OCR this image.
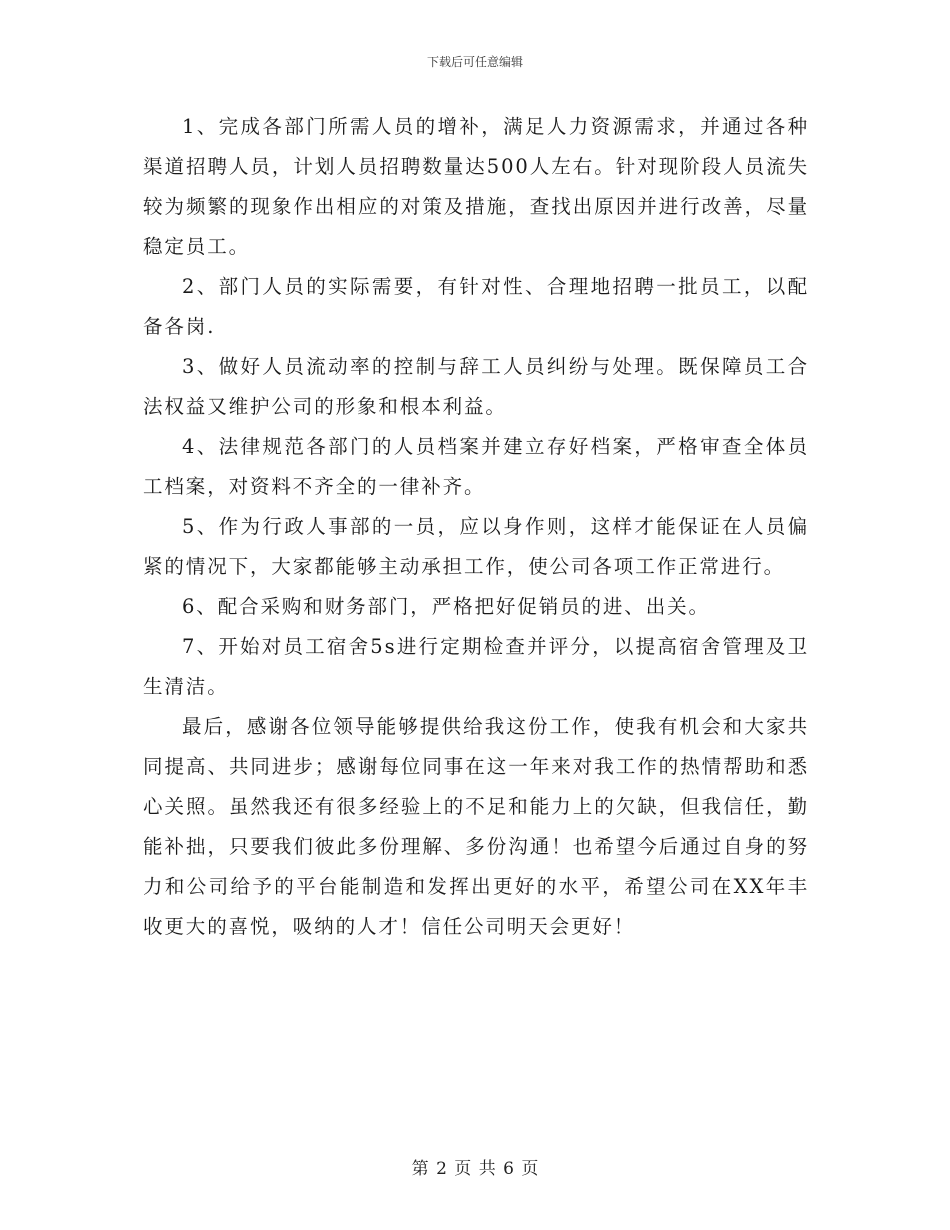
下载后可任意编辑

1、完成各部门所需人员的增补，满足人力资源需求，并通过各种渠道招聘人员，计划人员招聘数量达500人左右。针对现阶段人员流失较为频繁的现象作出相应的对策及措施，查找出原因并进行改善，尽量稳定员工。

2、部门人员的实际需要，有针对性、合理地招聘一批员工，以配备各岗.

3、做好人员流动率的控制与辞工人员纠纷与处理。既保障员工合法权益又维护公司的形象和根本利益。

4、法律规范各部门的人员档案并建立存好档案，严格审查全体员工档案，对资料不齐全的一律补齐。

5、作为行政人事部的一员，应以身作则，这样才能保证在人员偏紧的情况下，大家都能够主动承担工作，使公司各项工作正常进行。

6、配合采购和财务部门，严格把好促销员的进、出关。

7、开始对员工宿舍5s进行定期检查并评分，以提高宿舍管理及卫生清洁。

最后，感谢各位领导能够提供给我这份工作，使我有机会和大家共同提高、共同进步；感谢每位同事在这一年来对我工作的热情帮助和悉心关照。虽然我还有很多经验上的不足和能力上的欠缺，但我信任，勤能补拙，只要我们彼此多份理解、多份沟通！也希望今后通过自身的努力和公司给予的平台能制造和发挥出更好的水平，希望公司在XX年丰收更大的喜悦，吸纳的人才！信任公司明天会更好！

第 2 页 共 6 页
